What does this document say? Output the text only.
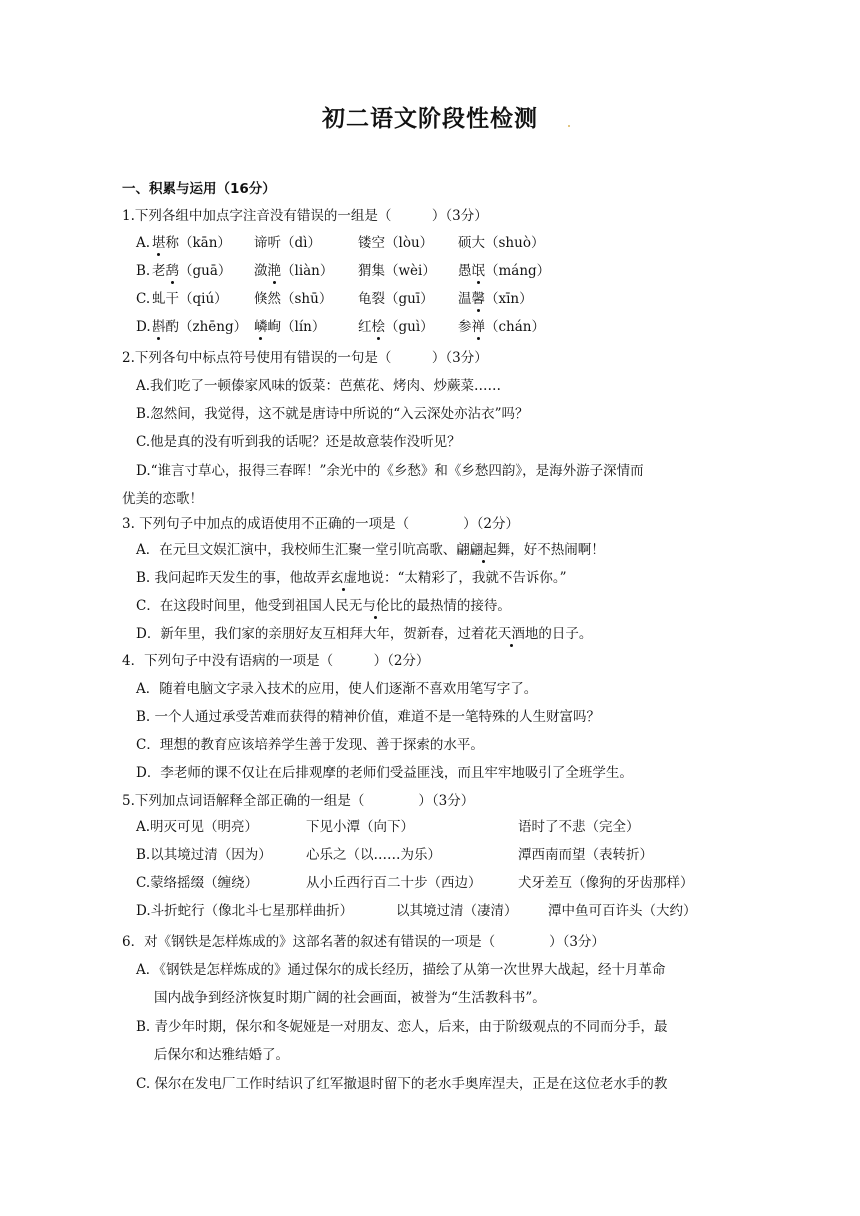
初二语文阶段性检测
一、积累与运用（16分）
1.下列各组中加点字注音没有错误的一组是（　　　）（3分）
A. 堪称（kān） 谛听（dì）	镂空（lòu） 硕大（shuò）
B. 老鸹（guā） 潋滟（liàn） 猬集（wèi） 愚氓（máng）
C. 虬干（qiú） 倏然（shū） 龟裂（guī） 温馨（xīn）
D. 斟酌（zhēng） 嶙峋（lín） 红桧（guì） 参禅（chán）
2.下列各句中标点符号使用有错误的一句是（　　　）（3分）
A.我们吃了一顿傣家风味的饭菜：芭蕉花、烤肉、炒蕨菜……
B.忽然间，我觉得，这不就是唐诗中所说的“入云深处亦沾衣”吗？
C.他是真的没有听到我的话呢？还是故意装作没听见？
D.“谁言寸草心，报得三春晖！”余光中的《乡愁》和《乡愁四韵》，是海外游子深情而
优美的恋歌！
3. 下列句子中加点的成语使用不正确的一项是（　　　　）（2分）
A．在元旦文娱汇演中，我校师生汇聚一堂引吭高歌、翩翩起舞，好不热闹啊！
B. 我问起昨天发生的事，他故弄玄虚地说：“太精彩了，我就不告诉你。”
C．在这段时间里，他受到祖国人民无与伦比的最热情的接待。
D．新年里，我们家的亲朋好友互相拜大年，贺新春，过着花天酒地的日子。
4．下列句子中没有语病的一项是（　　　）（2分）
A．随着电脑文字录入技术的应用，使人们逐渐不喜欢用笔写字了。
B. 一个人通过承受苦难而获得的精神价值，难道不是一笔特殊的人生财富吗？
C．理想的教育应该培养学生善于发现、善于探索的水平。
D．李老师的课不仅让在后排观摩的老师们受益匪浅，而且牢牢地吸引了全班学生。
5.下列加点词语解释全部正确的一组是（　　　　）（3分）
A.明灭可见（明亮）	下见小潭（向下）	语时了不悲（完全）
B.以其境过清（因为）	心乐之（以……为乐）	潭西南而望（表转折）
C.蒙络摇缀（缠绕）	从小丘西行百二十步（西边）	犬牙差互（像狗的牙齿那样）
D.斗折蛇行（像北斗七星那样曲折）	以其境过清（凄清） 潭中鱼可百许头（大约）
6．对《钢铁是怎样炼成的》这部名著的叙述有错误的一项是（　　　　）（3分）
A．《钢铁是怎样炼成的》通过保尔的成长经历，描绘了从第一次世界大战起，经十月革命
国内战争到经济恢复时期广阔的社会画面，被誉为“生活教科书”。
B. 青少年时期，保尔和冬妮娅是一对朋友、恋人，后来，由于阶级观点的不同而分手，最
后保尔和达雅结婚了。
C. 保尔在发电厂工作时结识了红军撤退时留下的老水手奥库涅夫，正是在这位老水手的教
